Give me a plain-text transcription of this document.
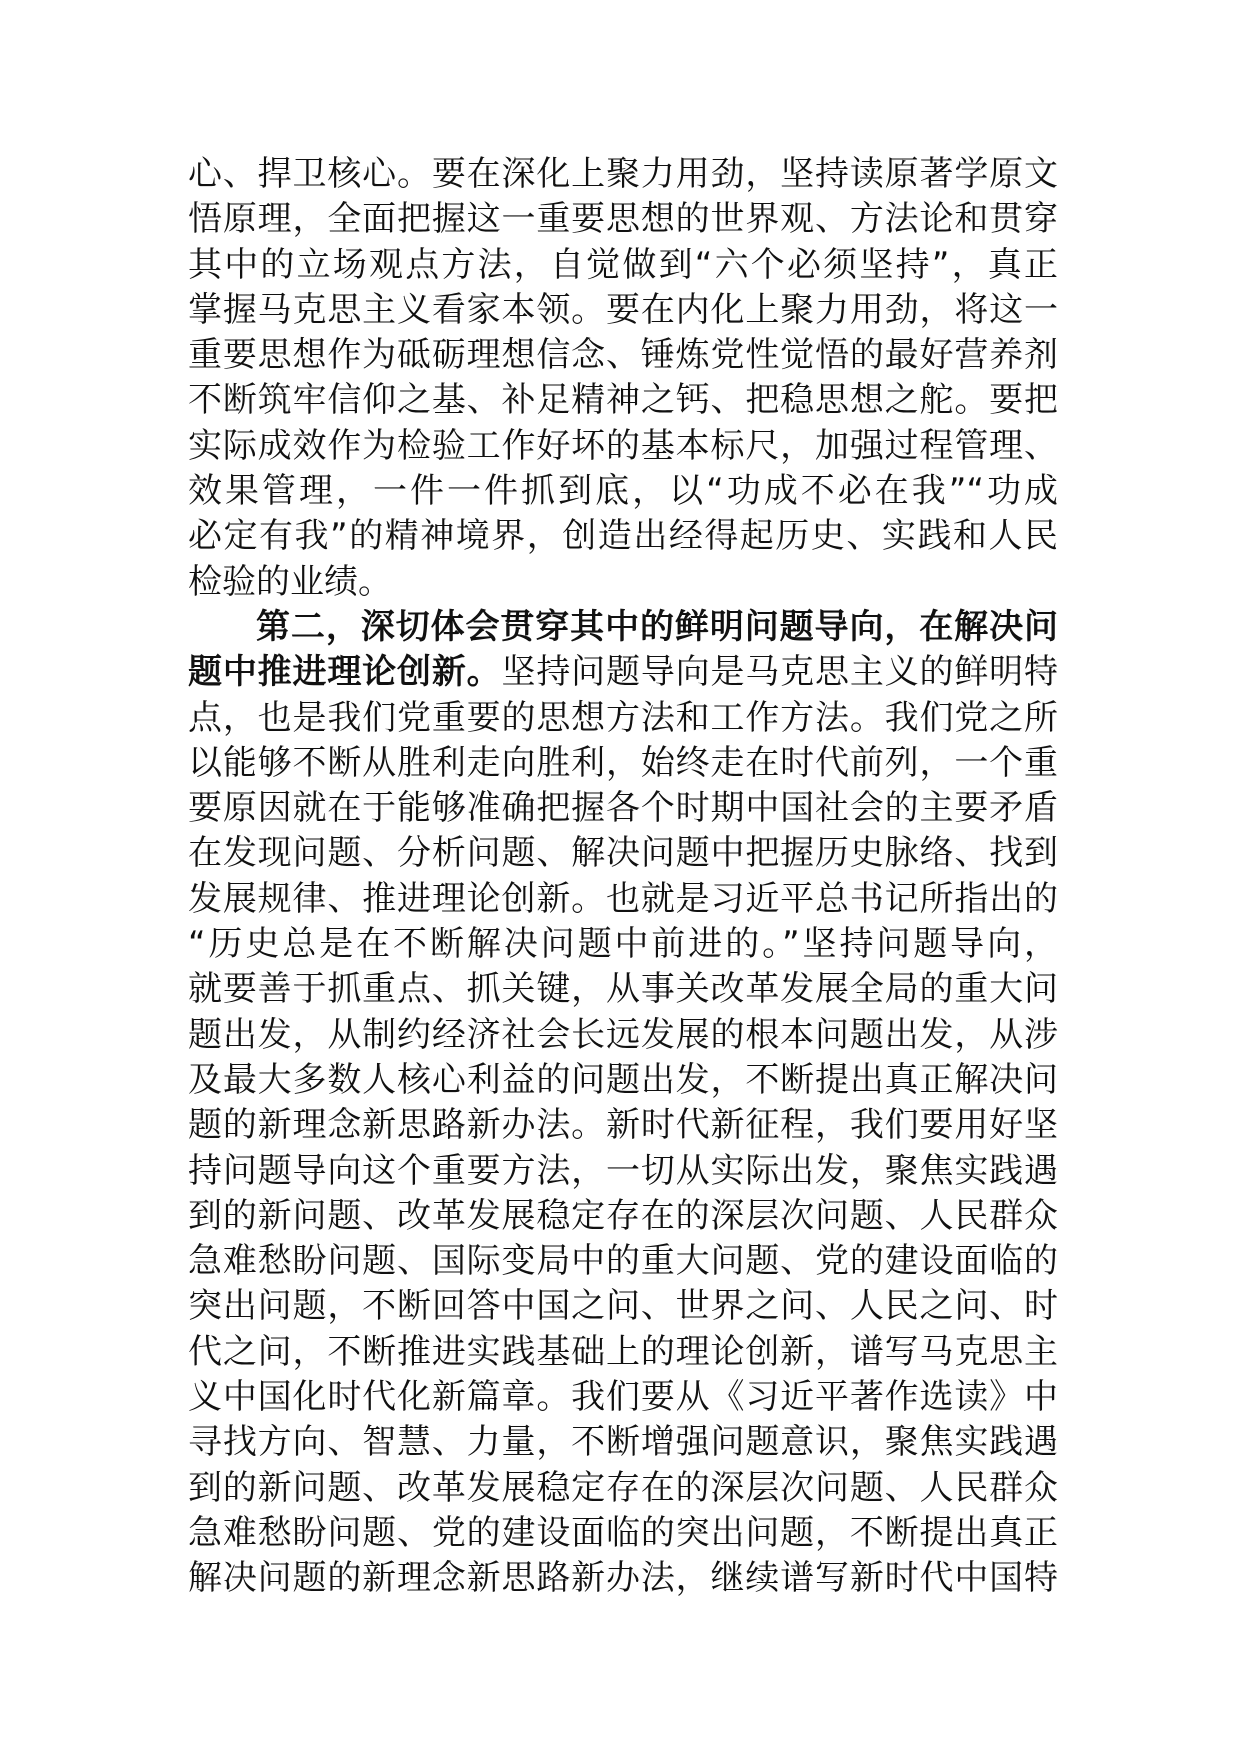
心、捍卫核心。要在深化上聚力用劲，坚持读原著学原文
悟原理，全面把握这一重要思想的世界观、方法论和贯穿
其中的立场观点方法，自觉做到“六个必须坚持”，真正
掌握马克思主义看家本领。要在内化上聚力用劲，将这一
重要思想作为砥砺理想信念、锤炼党性觉悟的最好营养剂
不断筑牢信仰之基、补足精神之钙、把稳思想之舵。要把
实际成效作为检验工作好坏的基本标尺，加强过程管理、
效果管理，一件一件抓到底，以“功成不必在我”“功成
必定有我”的精神境界，创造出经得起历史、实践和人民
检验的业绩。
第二，深切体会贯穿其中的鲜明问题导向，在解决问
题中推进理论创新。坚持问题导向是马克思主义的鲜明特
点，也是我们党重要的思想方法和工作方法。我们党之所
以能够不断从胜利走向胜利，始终走在时代前列，一个重
要原因就在于能够准确把握各个时期中国社会的主要矛盾
在发现问题、分析问题、解决问题中把握历史脉络、找到
发展规律、推进理论创新。也就是习近平总书记所指出的
“历史总是在不断解决问题中前进的。”坚持问题导向，
就要善于抓重点、抓关键，从事关改革发展全局的重大问
题出发，从制约经济社会长远发展的根本问题出发，从涉
及最大多数人核心利益的问题出发，不断提出真正解决问
题的新理念新思路新办法。新时代新征程，我们要用好坚
持问题导向这个重要方法，一切从实际出发，聚焦实践遇
到的新问题、改革发展稳定存在的深层次问题、人民群众
急难愁盼问题、国际变局中的重大问题、党的建设面临的
突出问题，不断回答中国之问、世界之问、人民之问、时
代之问，不断推进实践基础上的理论创新，谱写马克思主
义中国化时代化新篇章。我们要从《习近平著作选读》中
寻找方向、智慧、力量，不断增强问题意识，聚焦实践遇
到的新问题、改革发展稳定存在的深层次问题、人民群众
急难愁盼问题、党的建设面临的突出问题，不断提出真正
解决问题的新理念新思路新办法，继续谱写新时代中国特
